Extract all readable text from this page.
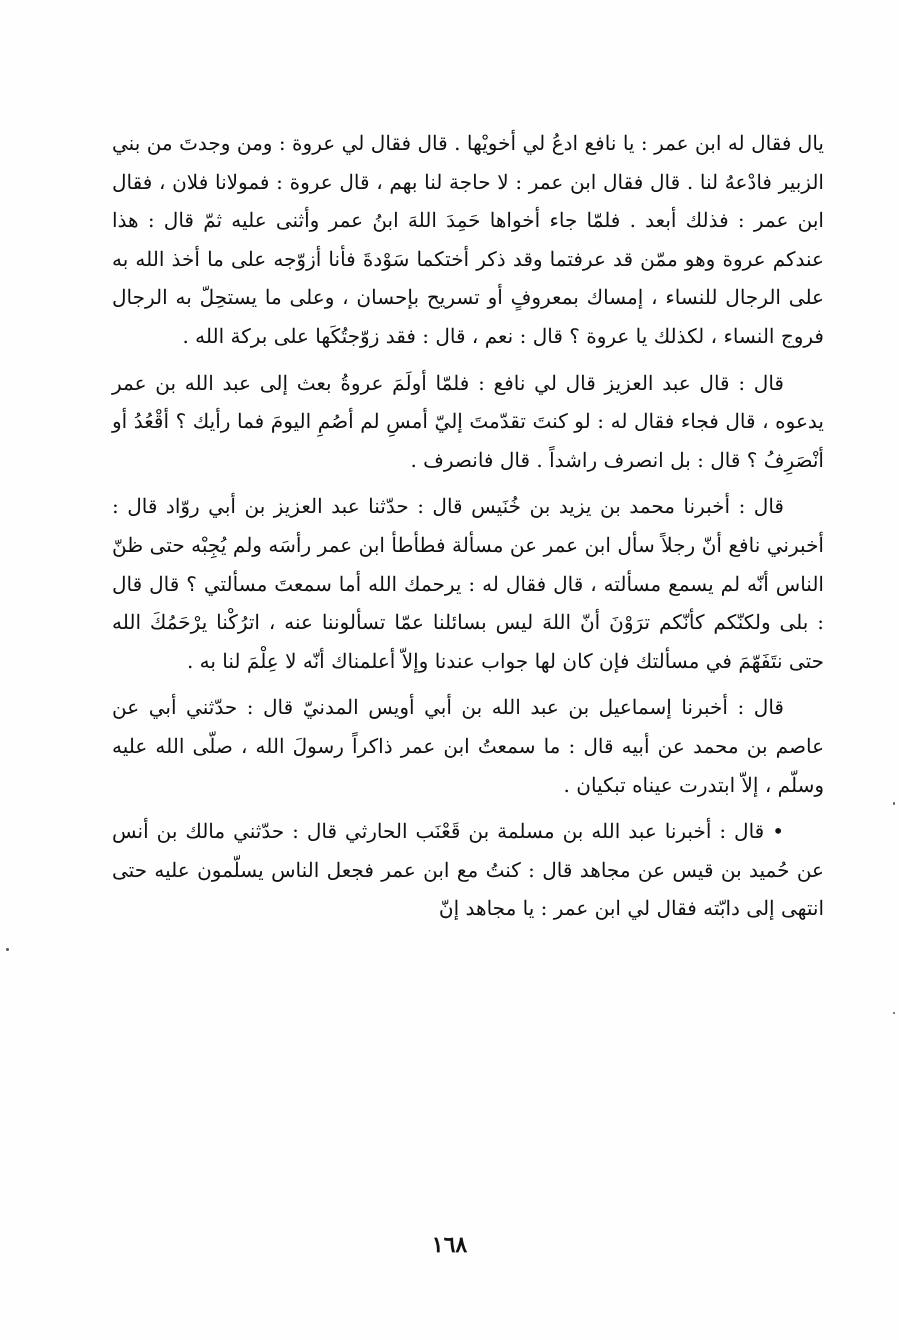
يال فقال له ابن عمر : يا نافع ادعُ لي أخويْها . قال فقال لي عروة : ومن وجدتَ من بني الزبير فادْعهُ لنا . قال فقال ابن عمر : لا حاجة لنا بهم ، قال عروة : فمولانا فلان ، فقال ابن عمر : فذلك أبعد . فلمّا جاء أخواها حَمِدَ اللهَ ابنُ عمر وأثنى عليه ثمّ قال : هذا عندكم عروة وهو ممّن قد عرفتما وقد ذكر أختكما سَوْدةَ فأنا أزوّجه على ما أخذ الله به على الرجال للنساء ، إمساك بمعروفٍ أو تسريح بإحسان ، وعلى ما يستحِلّ به الرجال فروج النساء ، لكذلك يا عروة ؟ قال : نعم ، قال : فقد زوّجتُكَها على بركة الله .

قال : قال عبد العزيز قال لي نافع : فلمّا أولَمَ عروةُ بعث إلى عبد الله بن عمر يدعوه ، قال فجاء فقال له : لو كنتَ تقدّمتَ إليّ أمسِ لم أصُمِ اليومَ فما رأيك ؟ أقْعُدُ أو أنْصَرِفُ ؟ قال : بل انصرف راشداً . قال فانصرف .

قال : أخبرنا محمد بن يزيد بن خُنَيس قال : حدّثنا عبد العزيز بن أبي روّاد قال : أخبرني نافع أنّ رجلاً سأل ابن عمر عن مسألة فطأطأ ابن عمر رأسَه ولم يُجِبْه حتى ظنّ الناس أنّه لم يسمع مسألته ، قال فقال له : يرحمك الله أما سمعتَ مسألتي ؟ قال قال : بلى ولكنّكم كأنّكم ترَوْنَ أنّ اللهَ ليس بسائلنا عمّا تسألوننا عنه ، اترُكْنا يرْحَمُكَ الله حتى نتَفَهّمَ في مسألتك فإن كان لها جواب عندنا وإلاّ أعلمناك أنّه لا عِلْمَ لنا به .

قال : أخبرنا إسماعيل بن عبد الله بن أبي أويس المدنيّ قال : حدّثني أبي عن عاصم بن محمد عن أبيه قال : ما سمعتُ ابن عمر ذاكراً رسولَ الله ، صلّى الله عليه وسلّم ، إلاّ ابتدرت عيناه تبكيان .

• قال : أخبرنا عبد الله بن مسلمة بن قَعْنَب الحارثي قال : حدّثني مالك بن أنس عن حُميد بن قيس عن مجاهد قال : كنتُ مع ابن عمر فجعل الناس يسلّمون عليه حتى انتهى إلى دابّته فقال لي ابن عمر : يا مجاهد إنّ

١٦٨
